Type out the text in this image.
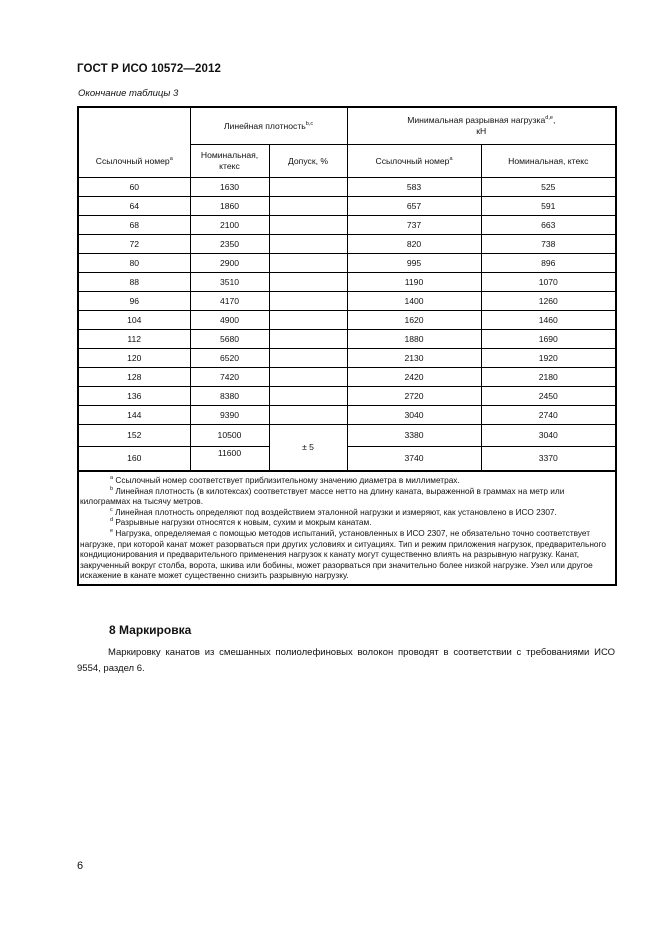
ГОСТ Р ИСО 10572—2012
Окончание таблицы 3
Ссылочный номер$^a$	Линейная плотность$^{b,c}$		Минимальная разрывная нагрузка$^{d,e}$,
кН	
	Номинальная, ктекс	Допуск, %	Ссылочный номер$^a$	Номинальная, ктекс
60	1630		583	525
64	1860		657	591
68	2100		737	663
72	2350		820	738
80	2900		995	896
88	3510		1190	1070
96	4170		1400	1260
104	4900		1620	1460
112	5680		1880	1690
120	6520		2130	1920
128	7420		2420	2180
136	8380		2720	2450
144	9390		3040	2740
152	10500	± 5	3380	3040
160	11600		3740	3370

$^a$ Ссылочный номер соответствует приблизительному значению диаметра в миллиметрах.
$^b$ Линейная плотность (в килотексах) соответствует массе нетто на длину каната, выраженной в граммах на метр или килограммах на тысячу метров.
$^c$ Линейная плотность определяют под воздействием эталонной нагрузки и измеряют, как установлено в ИСО 2307.
$^d$ Разрывные нагрузки относятся к новым, сухим и мокрым канатам.
$^e$ Нагрузка, определяемая с помощью методов испытаний, установленных в ИСО 2307, не обязательно точно соответствует нагрузке, при которой канат может разорваться при других условиях и ситуациях. Тип и режим приложения нагрузок, предварительного кондиционирования и предварительного применения нагрузок к канату могут существенно влиять на разрывную нагрузку. Канат, закрученный вокруг столба, ворота, шкива или бобины, может разорваться при значительно более низкой нагрузке. Узел или другое искажение в канате может существенно снизить разрывную нагрузку.				
8 Маркировка
Маркировку канатов из смешанных полиолефиновых волокон проводят в соответствии с требованиями ИСО 9554, раздел 6.
6
